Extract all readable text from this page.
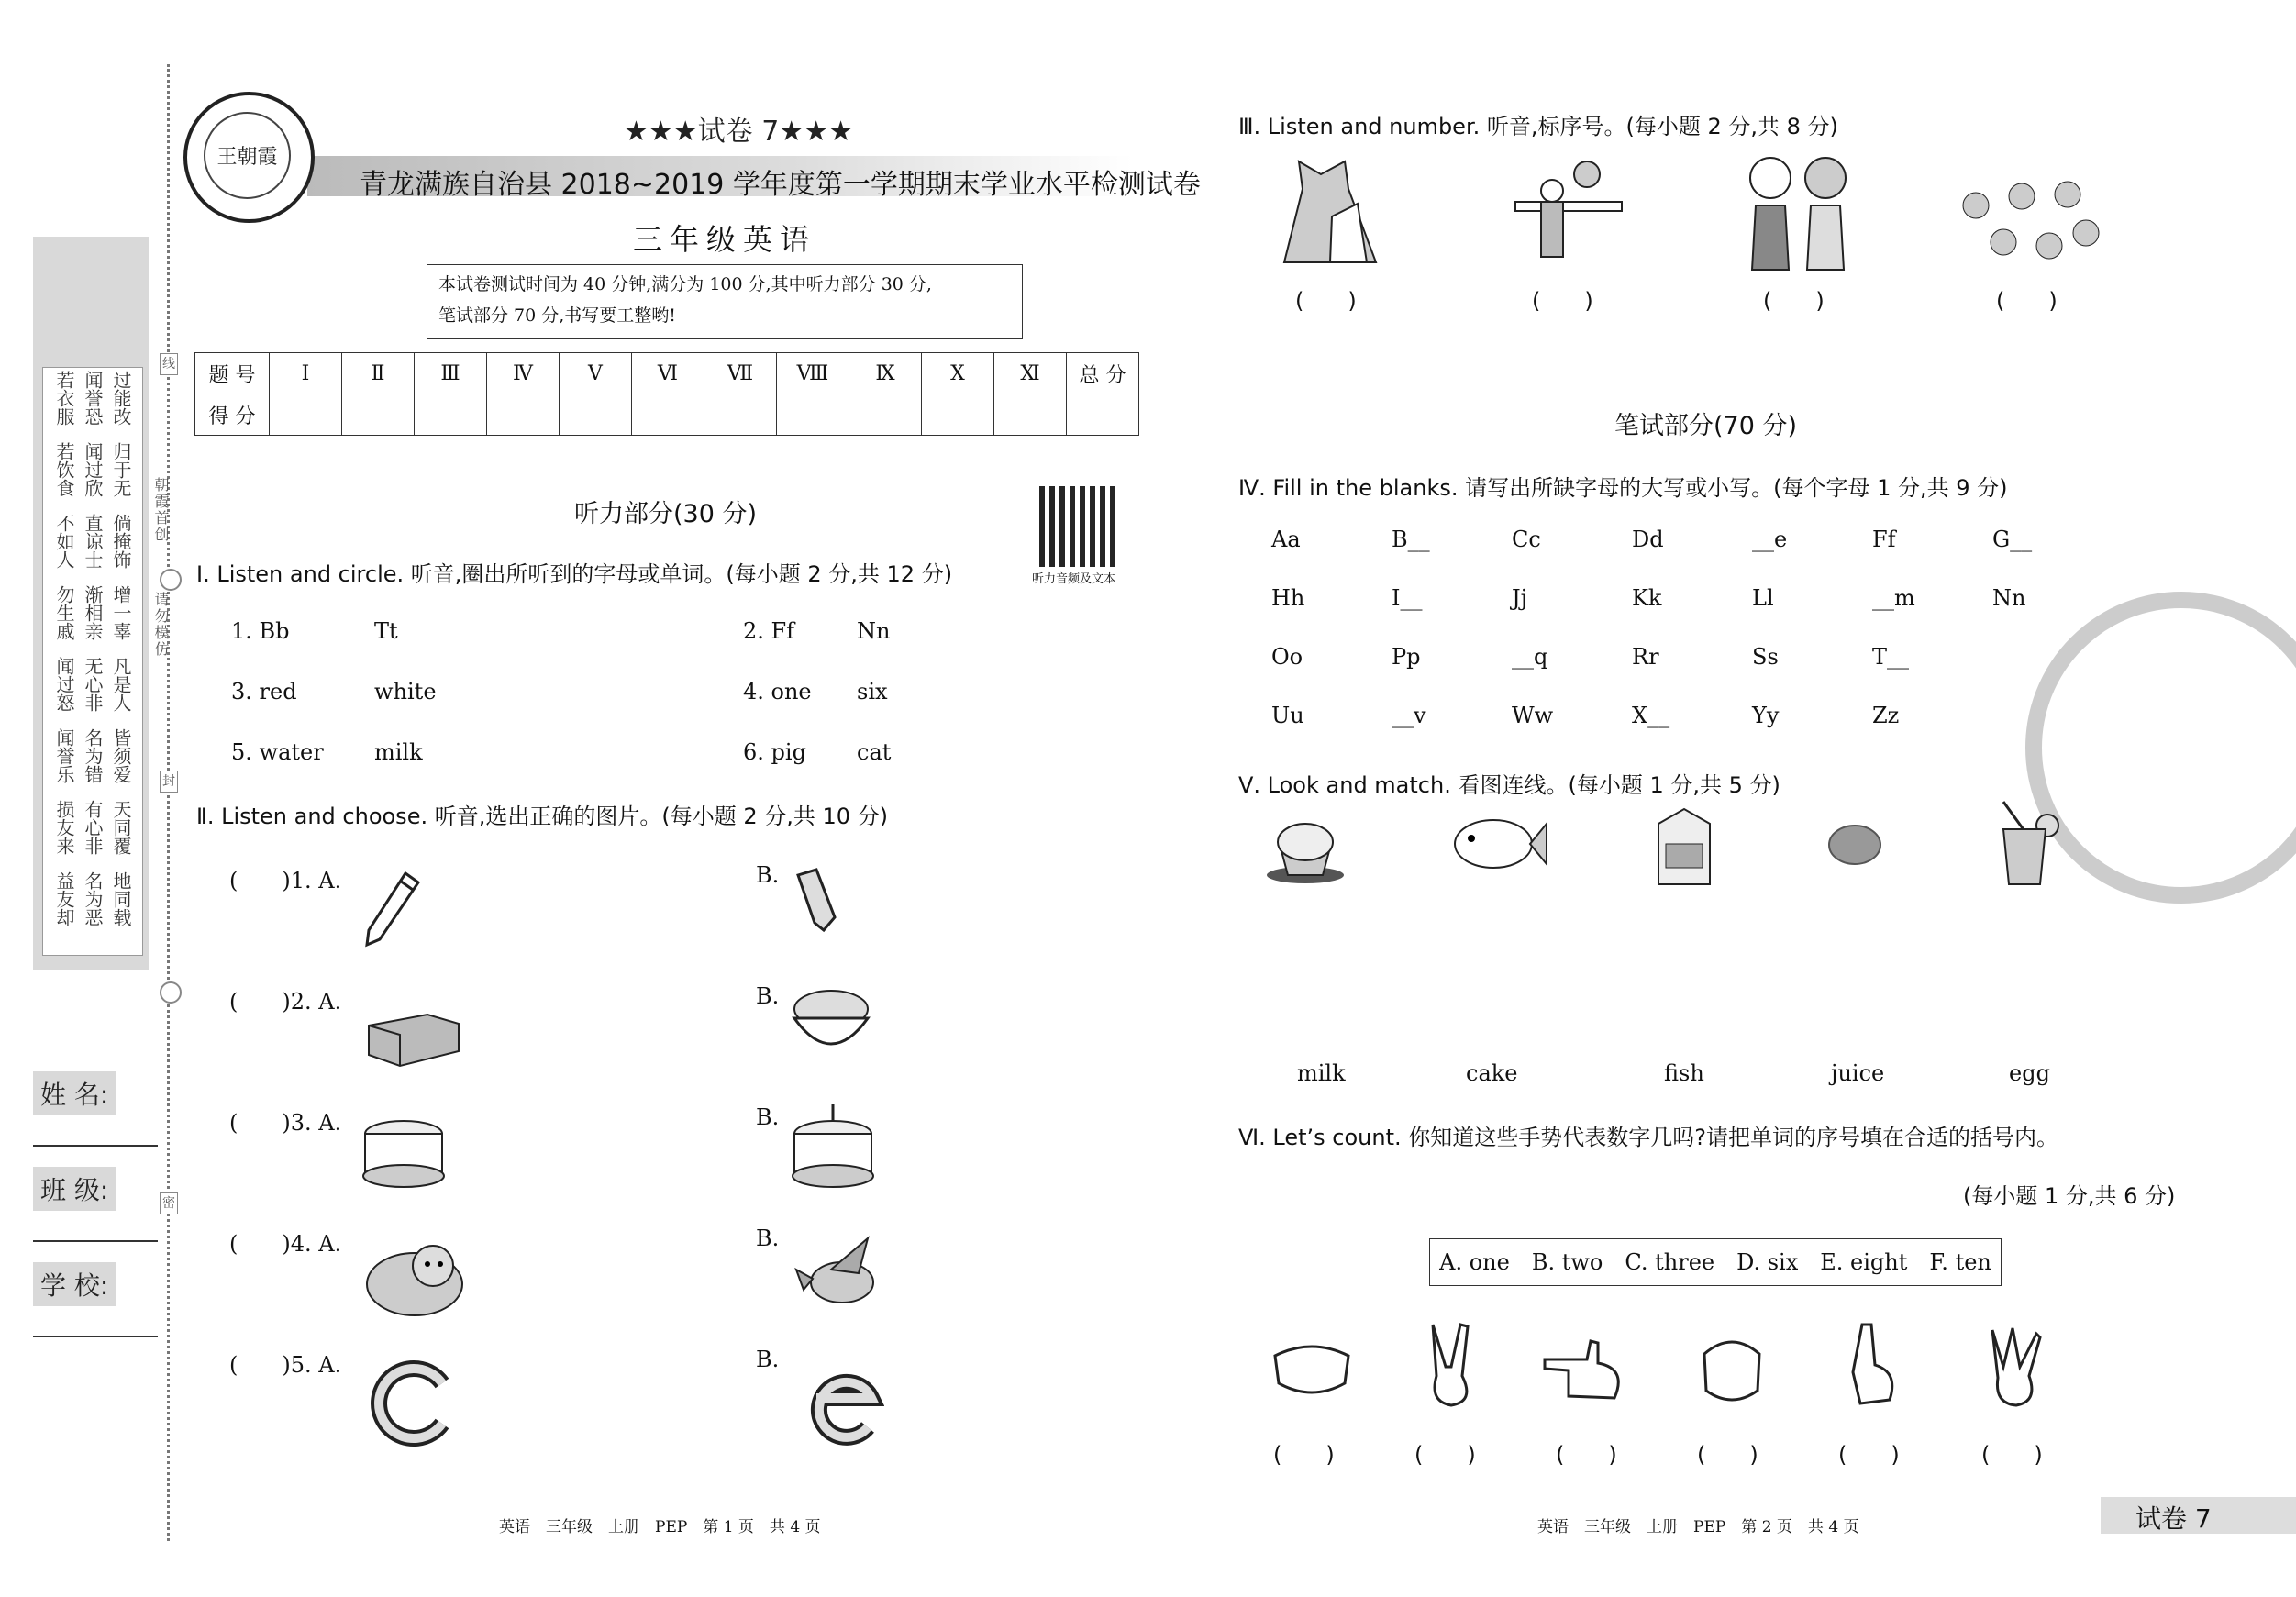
线
封
密
朝霞首创
请勿模仿
姓 名:
班 级:
学 校:
过能改
闻誉恐
若衣服
归于无
闻过欣
若饮食
倘掩饰
直谅士
不如人
增一辜
渐相亲
勿生戚
凡是人
无心非
闻过怒
皆须爱
名为错
闻誉乐
天同覆
有心非
损友来
地同载
名为恶
益友却
王朝霞
★★★试卷 7★★★
青龙满族自治县 2018~2019 学年度第一学期期末学业水平检测试卷
三年级英语
本试卷测试时间为 40 分钟,满分为 100 分,其中听力部分 30 分,
笔试部分 70 分,书写要工整哟!
题 号	Ⅰ	Ⅱ	Ⅲ	Ⅳ	Ⅴ	Ⅵ	Ⅶ	Ⅷ	Ⅸ	Ⅹ	Ⅺ	总 分
得 分												
听力部分(30 分)
听力音频及文本
Ⅰ. Listen and circle. 听音,圈出所听到的字母或单词。(每小题 2 分,共 12 分)
1. Bb	Tt	2. Ff	Nn
3. red	white	4. one six
5. water milk	6. pig cat
Ⅱ. Listen and choose. 听音,选出正确的图片。(每小题 2 分,共 10 分)
(　　)1. A.	B.
(　　)2. A.	B.
(　　)3. A.	B.
(　　)4. A.	B.
(　　)5. A.	B.
Ⅲ. Listen and number. 听音,标序号。(每小题 2 分,共 8 分)
(　　)	(　　)	(　　)	(　　)
笔试部分(70 分)
Ⅳ. Fill in the blanks. 请写出所缺字母的大写或小写。(每个字母 1 分,共 9 分)
Aa	B__	Cc	Dd	__e	Ff	G__
Hh	I__	Jj	Kk	Ll	__m	Nn
Oo	Pp	__q	Rr	Ss	T__
Uu	__v	Ww	X__	Yy	Zz
Ⅴ. Look and match. 看图连线。(每小题 1 分,共 5 分)
milk	cake	fish	juice	egg
Ⅵ. Let’s count. 你知道这些手势代表数字几吗?请把单词的序号填在合适的括号内。
(每小题 1 分,共 6 分)
A. one　B. two　C. three　D. six　E. eight　F. ten
(　　)	(　　)	(　　)	(　　)	(　　)	(　　)
英语　三年级　上册　PEP　第 1 页　共 4 页	英语　三年级　上册　PEP　第 2 页　共 4 页	试卷 7
